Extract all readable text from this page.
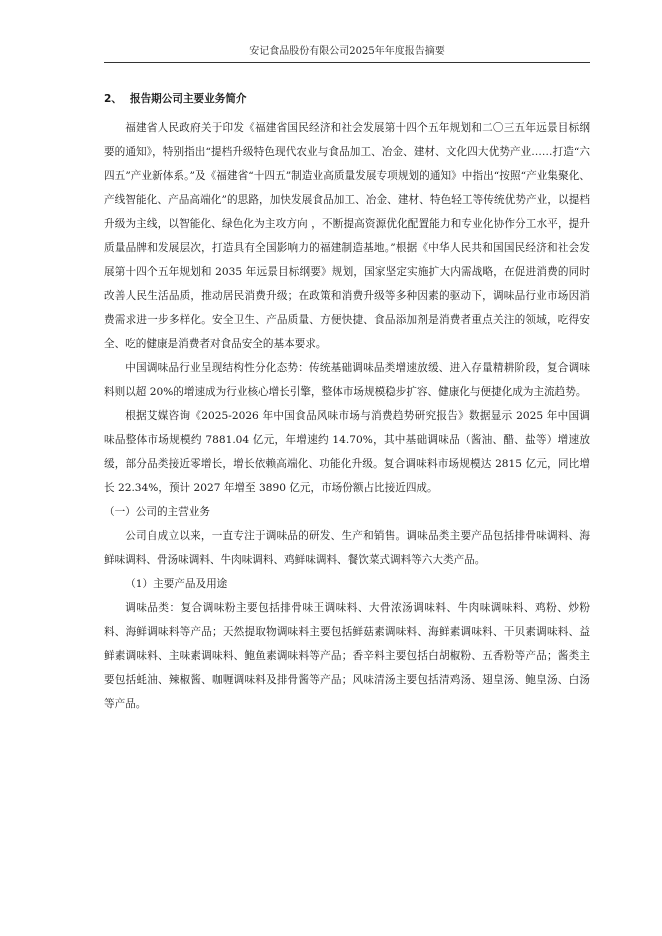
安记食品股份有限公司2025年年度报告摘要
2、 报告期公司主要业务简介

福建省人民政府关于印发《福建省国民经济和社会发展第十四个五年规划和二〇三五年远景目标纲要的通知》，特别指出“提档升级特色现代农业与食品加工、冶金、建材、文化四大优势产业……打造“六四五”产业新体系。”及《福建省“十四五”制造业高质量发展专项规划的通知》中指出“按照“产业集聚化、产线智能化、产品高端化”的思路，加快发展食品加工、冶金、建材、特色轻工等传统优势产业，以提档升级为主线，以智能化、绿色化为主攻方向 ，不断提高资源优化配置能力和专业化协作分工水平，提升质量品牌和发展层次，打造具有全国影响力的福建制造基地。”根据《中华人民共和国国民经济和社会发展第十四个五年规划和 2035 年远景目标纲要》规划，国家坚定实施扩大内需战略，在促进消费的同时改善人民生活品质，推动居民消费升级；在政策和消费升级等多种因素的驱动下，调味品行业市场因消费需求进一步多样化。安全卫生、产品质量、方便快捷、食品添加剂是消费者重点关注的领域，吃得安全、吃的健康是消费者对食品安全的基本要求。

中国调味品行业呈现结构性分化态势：传统基础调味品类增速放缓、进入存量精耕阶段，复合调味料则以超 20%的增速成为行业核心增长引擎，整体市场规模稳步扩容、健康化与便捷化成为主流趋势。

根据艾媒咨询《2025-2026 年中国食品风味市场与消费趋势研究报告》数据显示 2025 年中国调味品整体市场规模约 7881.04 亿元，年增速约 14.70%，其中基础调味品（酱油、醋、盐等）增速放缓，部分品类接近零增长，增长依赖高端化、功能化升级。复合调味料市场规模达 2815 亿元，同比增长 22.34%，预计 2027 年增至 3890 亿元，市场份额占比接近四成。

（一）公司的主营业务

公司自成立以来，一直专注于调味品的研发、生产和销售。调味品类主要产品包括排骨味调料、海鲜味调料、骨汤味调料、牛肉味调料、鸡鲜味调料、餐饮菜式调料等六大类产品。

（1）主要产品及用途

调味品类：复合调味粉主要包括排骨味王调味料、大骨浓汤调味料、牛肉味调味料、鸡粉、炒粉料、海鲜调味料等产品；天然提取物调味料主要包括鲜菇素调味料、海鲜素调味料、干贝素调味料、益鲜素调味料、主味素调味料、鲍鱼素调味料等产品；香辛料主要包括白胡椒粉、五香粉等产品；酱类主要包括蚝油、辣椒酱、咖喱调味料及排骨酱等产品；风味清汤主要包括清鸡汤、翅皇汤、鲍皇汤、白汤等产品。
